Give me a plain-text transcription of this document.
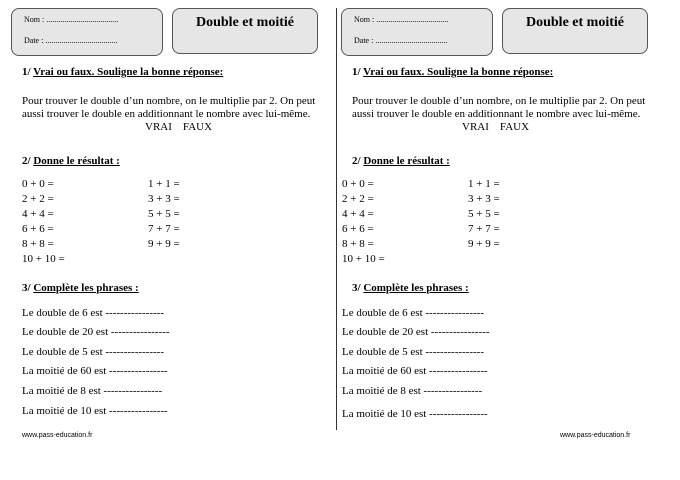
Nom : ....................................
Date : ....................................
Double et moitié
1/ Vrai ou faux. Souligne la bonne réponse:
Pour trouver le double d’un nombre, on le multiplie par 2. On peut
aussi trouver le double en additionnant le nombre avec lui-même.
VRAI FAUX
2/ Donne le résultat :
0 + 0 =
2 + 2 =
4 + 4 =
6 + 6 =
8 + 8 =
10 + 10 =
1 + 1 =
3 + 3 =
5 + 5 =
7 + 7 =
9 + 9 =
3/ Complète les phrases :
Le double de 6 est ----------------
Le double de 20 est ----------------
Le double de 5 est ----------------
La moitié de 60 est ----------------
La moitié de 8 est ----------------
La moitié de 10 est ----------------
www.pass-education.fr
Nom : ....................................
Date : ....................................
Double et moitié
1/ Vrai ou faux. Souligne la bonne réponse:
Pour trouver le double d’un nombre, on le multiplie par 2. On peut
aussi trouver le double en additionnant le nombre avec lui-même.
VRAI FAUX
2/ Donne le résultat :
0 + 0 =
2 + 2 =
4 + 4 =
6 + 6 =
8 + 8 =
10 + 10 =
1 + 1 =
3 + 3 =
5 + 5 =
7 + 7 =
9 + 9 =
3/ Complète les phrases :
Le double de 6 est ----------------
Le double de 20 est ----------------
Le double de 5 est ----------------
La moitié de 60 est ----------------
La moitié de 8 est ----------------
La moitié de 10 est ----------------
www.pass-education.fr
